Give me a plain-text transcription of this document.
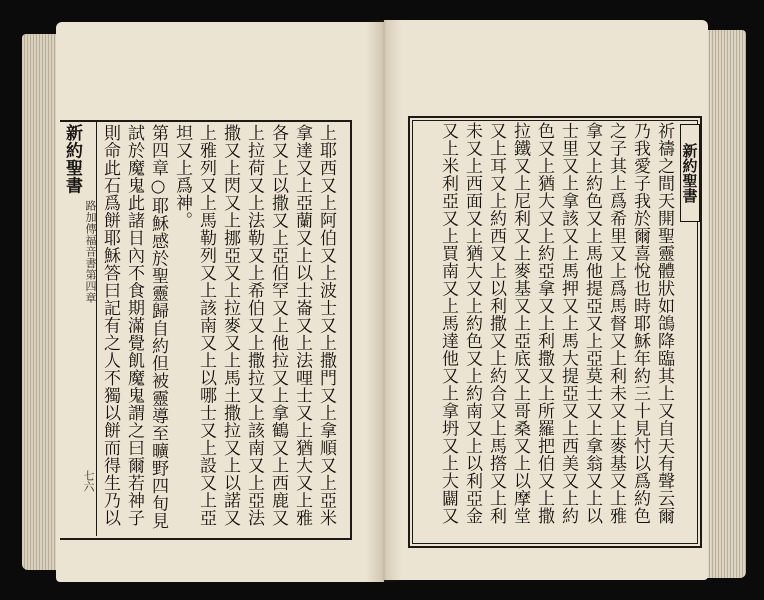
新約聖書
路加傳福音書第四章
七六	上耶西又上阿伯又上波士又上撒門又上拿順又上亞米
拿達又上亞蘭又上以士崙又上法哩士又上猶大又上雅
各又上以撒又上亞伯罕又上他拉又上拿鶴又上西鹿又
上拉荷又上法勒又上希伯又上撒拉又上該南又上亞法
撒又上閃又上挪亞又上拉麥又上馬土撒拉又上以諾又
上雅列又上馬勒列又上該南又上以哪士又上設又上亞
坦又上爲神。
第四章○耶穌感於聖靈歸自約但被靈導至曠野四旬見
試於魔鬼此諸日內不食期滿覺飢魔鬼謂之曰爾若神子
則命此石爲餅耶穌答曰記有之人不獨以餅而得生乃以	新約聖書
祈禱之間天開聖靈體狀如鴿降臨其上又自天有聲云爾
乃我愛子我於爾喜悅也時耶穌年約三十見忖以爲約色
之子其上爲希里又上爲馬督又上利未又上麥基又上雅
拿又上約色又上馬他提亞又上亞莫士又上拿翁又上以
士里又上拿該又上馬押又上馬大提亞又上西美又上約
色又上猶大又上約亞拿又上利撒又上所羅把伯又上撒
拉鐵又上尼利又上麥基又上亞底又上哥桑又上以摩堂
又上耳又上約西又上以利撒又上約合又上馬撘又上利
未又上西面又上猶大又上約色又上約南又上以利亞金
又上米利亞又上買南又上馬達他又上拿坍又上大闢又
